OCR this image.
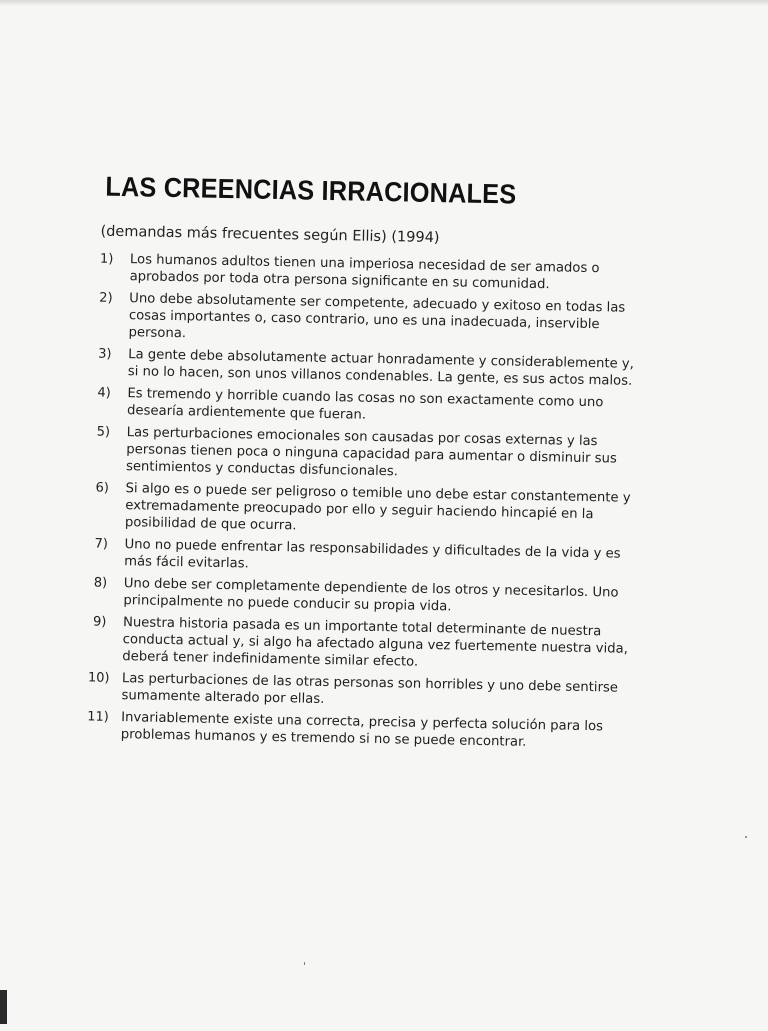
LAS CREENCIAS IRRACIONALES

(demandas más frecuentes según Ellis) (1994)

1)	Los humanos adultos tienen una imperiosa necesidad de ser amados o aprobados por toda otra persona significante en su comunidad.
2)	Uno debe absolutamente ser competente, adecuado y exitoso en todas las cosas importantes o, caso contrario, uno es una inadecuada, inservible persona.
3)	La gente debe absolutamente actuar honradamente y considerablemente y, si no lo hacen, son unos villanos condenables. La gente, es sus actos malos.
4)	Es tremendo y horrible cuando las cosas no son exactamente como uno desearía ardientemente que fueran.
5)	Las perturbaciones emocionales son causadas por cosas externas y las personas tienen poca o ninguna capacidad para aumentar o disminuir sus sentimientos y conductas disfuncionales.
6)	Si algo es o puede ser peligroso o temible uno debe estar constantemente y extremadamente preocupado por ello y seguir haciendo hincapié en la posibilidad de que ocurra.
7)	Uno no puede enfrentar las responsabilidades y dificultades de la vida y es más fácil evitarlas.
8)	Uno debe ser completamente dependiente de los otros y necesitarlos. Uno principalmente no puede conducir su propia vida.
9)	Nuestra historia pasada es un importante total determinante de nuestra conducta actual y, si algo ha afectado alguna vez fuertemente nuestra vida, deberá tener indefinidamente similar efecto.
10) Las perturbaciones de las otras personas son horribles y uno debe sentirse sumamente alterado por ellas.
11) Invariablemente existe una correcta, precisa y perfecta solución para los problemas humanos y es tremendo si no se puede encontrar.
